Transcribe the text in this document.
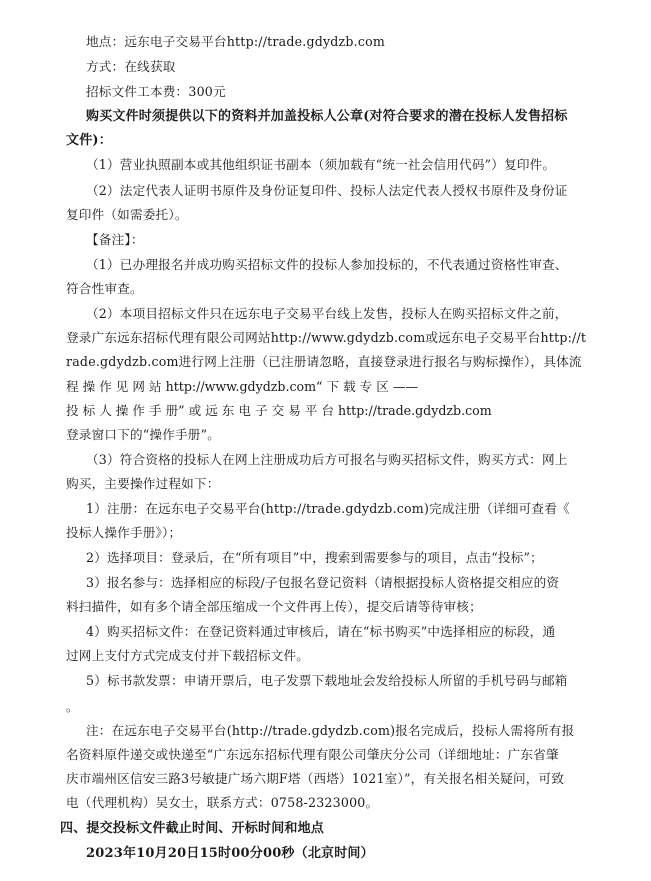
地点：远东电子交易平台http://trade.gdydzb.com
方式：在线获取
招标文件工本费：300元
购买文件时须提供以下的资料并加盖投标人公章(对符合要求的潜在投标人发售招标
文件)：
（1）营业执照副本或其他组织证书副本（须加载有“统一社会信用代码”）复印件。
（2）法定代表人证明书原件及身份证复印件、投标人法定代表人授权书原件及身份证
复印件（如需委托）。
【备注】：
（1）已办理报名并成功购买招标文件的投标人参加投标的，不代表通过资格性审查、
符合性审查。
（2）本项目招标文件只在远东电子交易平台线上发售，投标人在购买招标文件之前，
登录广东远东招标代理有限公司网站http://www.gdydzb.com或远东电子交易平台http://t
rade.gdydzb.com进行网上注册（已注册请忽略，直接登录进行报名与购标操作），具体流
程 操 作 见 网 站 http://www.gdydzb.com“ 下 载 专 区 ——
投 标 人 操 作 手 册” 或 远 东 电 子 交 易 平 台 http://trade.gdydzb.com
登录窗口下的“操作手册”。
（3）符合资格的投标人在网上注册成功后方可报名与购买招标文件，购买方式：网上
购买，主要操作过程如下：
1）注册：在远东电子交易平台(http://trade.gdydzb.com)完成注册（详细可查看《
投标人操作手册》）；
2）选择项目：登录后，在“所有项目”中，搜索到需要参与的项目，点击“投标”；
3）报名参与：选择相应的标段/子包报名登记资料（请根据投标人资格提交相应的资
料扫描件，如有多个请全部压缩成一个文件再上传），提交后请等待审核；
4）购买招标文件：在登记资料通过审核后，请在“标书购买”中选择相应的标段，通
过网上支付方式完成支付并下载招标文件。
5）标书款发票：申请开票后，电子发票下载地址会发给投标人所留的手机号码与邮箱
。
注：在远东电子交易平台(http://trade.gdydzb.com)报名完成后，投标人需将所有报
名资料原件递交或快递至“广东远东招标代理有限公司肇庆分公司（详细地址：广东省肇
庆市端州区信安三路3号敏捷广场六期F塔（西塔）1021室）”，有关报名相关疑问，可致
电（代理机构）吴女士，联系方式：0758-2323000。
四、提交投标文件截止时间、开标时间和地点
2023年10月20日15时00分00秒（北京时间）
